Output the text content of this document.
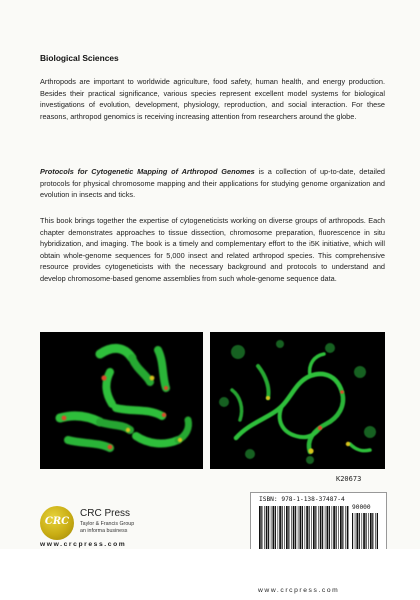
Biological Sciences
Arthropods are important to worldwide agriculture, food safety, human health, and energy production. Besides their practical significance, various species represent excellent model systems for biological investigations of evolution, development, physiology, reproduction, and social interaction. For these reasons, arthropod genomics is receiving increasing attention from researchers around the globe.
Protocols for Cytogenetic Mapping of Arthropod Genomes is a collection of up-to-date, detailed protocols for physical chromosome mapping and their applications for studying genome organization and evolution in insects and ticks.
This book brings together the expertise of cytogeneticists working on diverse groups of arthropods. Each chapter demonstrates approaches to tissue dissection, chromosome preparation, fluorescence in situ hybridization, and imaging. The book is a timely and complementary effort to the i5K initiative, which will obtain whole-genome sequences for 5,000 insect and related arthropod species. This comprehensive resource provides cytogeneticists with the necessary background and protocols to understand and develop chromosome-based genome assemblies from such whole-genome sequence data.
K20673
CRC
CRC Press
Taylor & Francis Group
an informa business
www.crcpress.com
ISBN: 978-1-138-37487-4
90000
www.crcpress.com
